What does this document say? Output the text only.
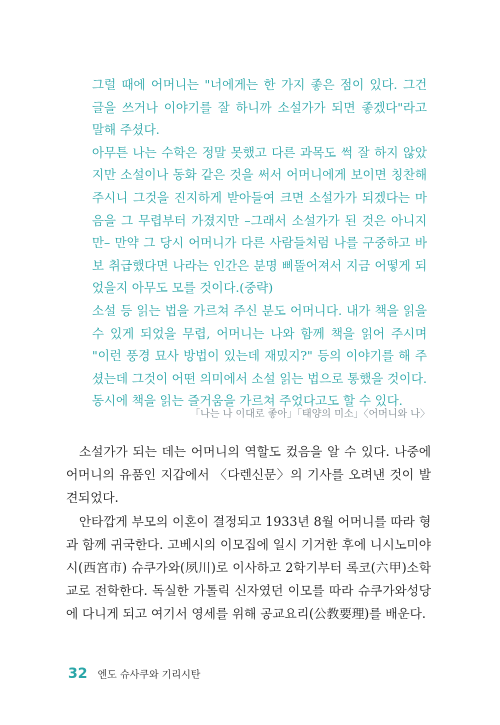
그럴 때에 어머니는 "너에게는 한 가지 좋은 점이 있다. 그건 글을 쓰거나 이야기를 잘 하니까 소설가가 되면 좋겠다"라고 말해 주셨다.

아무튼 나는 수학은 정말 못했고 다른 과목도 썩 잘 하지 않았지만 소설이나 동화 같은 것을 써서 어머니에게 보이면 칭찬해 주시니 그것을 진지하게 받아들여 크면 소설가가 되겠다는 마음을 그 무렵부터 가졌지만 –그래서 소설가가 된 것은 아니지만– 만약 그 당시 어머니가 다른 사람들처럼 나를 구중하고 바보 취급했다면 나라는 인간은 분명 삐뚤어져서 지금 어떻게 되었을지 아무도 모를 것이다.(중략)

소설 등 읽는 법을 가르쳐 주신 분도 어머니다. 내가 책을 읽을 수 있게 되었을 무렵, 어머니는 나와 함께 책을 읽어 주시며 "이런 풍경 묘사 방법이 있는데 재밌지?" 등의 이야기를 해 주셨는데 그것이 어떤 의미에서 소설 읽는 법으로 통했을 것이다. 동시에 책을 읽는 즐거움을 가르쳐 주었다고도 할 수 있다.

「나는 나 이대로 좋아」「태양의 미소」〈어머니와 나〉

소설가가 되는 데는 어머니의 역할도 컸음을 알 수 있다. 나중에 어머니의 유품인 지갑에서 〈다렌신문〉의 기사를 오려낸 것이 발견되었다.

안타깝게 부모의 이혼이 결정되고 1933년 8월 어머니를 따라 형과 함께 귀국한다. 고베시의 이모집에 일시 기거한 후에 니시노미야시(西宮市) 슈쿠가와(夙川)로 이사하고 2학기부터 록코(六甲)소학교로 전학한다. 독실한 가톨릭 신자였던 이모를 따라 슈쿠가와성당에 다니게 되고 여기서 영세를 위해 공교요리(公教要理)를 배운다.

32 엔도 슈사쿠와 기리시탄
